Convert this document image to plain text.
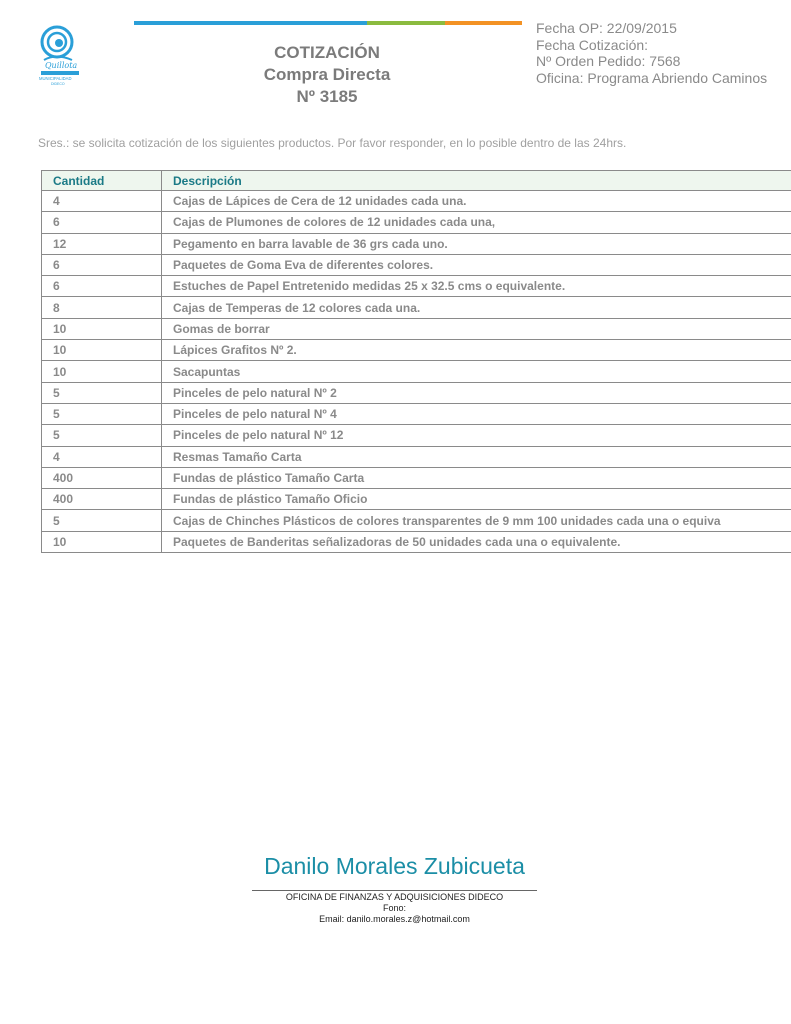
Quillota
MUNICIPALIDAD
DIDECO
COTIZACIÓN
Compra Directa
Nº 3185
Fecha OP: 22/09/2015
Fecha Cotización:
Nº Orden Pedido: 7568
Oficina: Programa Abriendo Caminos
Sres.: se solicita cotización de los siguientes productos. Por favor responder, en lo posible dentro de las 24hrs.
Cantidad	Descripción
4	Cajas de Lápices de Cera de 12 unidades cada una.
6	Cajas de Plumones de colores de 12 unidades cada una,
12	Pegamento en barra lavable de 36 grs cada uno.
6	Paquetes de Goma Eva de diferentes colores.
6	Estuches de Papel Entretenido medidas 25 x 32.5 cms o equivalente.
8	Cajas de Temperas de 12 colores cada una.
10	Gomas de borrar
10	Lápices Grafitos Nº 2.
10	Sacapuntas
5	Pinceles de pelo natural Nº 2
5	Pinceles de pelo natural Nº 4
5	Pinceles de pelo natural Nº 12
4	Resmas Tamaño Carta
400	Fundas de plástico Tamaño Carta
400	Fundas de plástico Tamaño Oficio
5	Cajas de Chinches Plásticos de colores transparentes de 9 mm 100 unidades cada una o equiva
10	Paquetes de Banderitas señalizadoras de 50 unidades cada una o equivalente.
Danilo Morales Zubicueta
OFICINA DE FINANZAS Y ADQUISICIONES DIDECO
Fono:
Email: danilo.morales.z@hotmail.com
